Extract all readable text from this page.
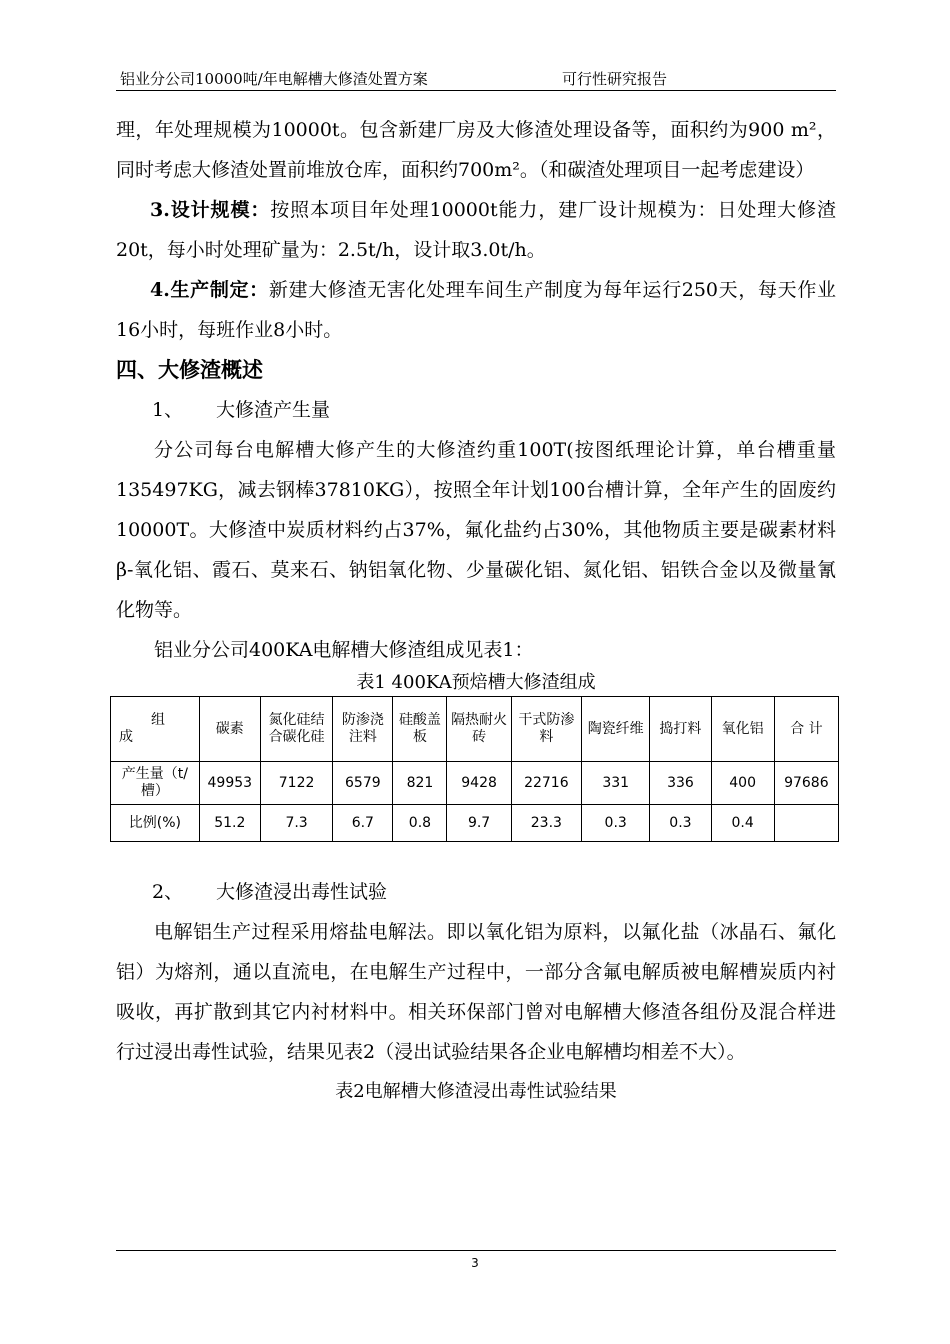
铝业分公司10000吨/年电解槽大修渣处置方案	可行性研究报告

理，年处理规模为10000t。包含新建厂房及大修渣处理设备等，面积约为900 m²，同时考虑大修渣处置前堆放仓库，面积约700m²。（和碳渣处理项目一起考虑建设）

3.设计规模：按照本项目年处理10000t能力，建厂设计规模为：日处理大修渣20t，每小时处理矿量为：2.5t/h，设计取3.0t/h。

4.生产制定：新建大修渣无害化处理车间生产制度为每年运行250天，每天作业16小时，每班作业8小时。

四、大修渣概述

1、 大修渣产生量

分公司每台电解槽大修产生的大修渣约重100T(按图纸理论计算，单台槽重量135497KG，减去钢棒37810KG），按照全年计划100台槽计算，全年产生的固废约10000T。大修渣中炭质材料约占37%，氟化盐约占30%，其他物质主要是碳素材料β-氧化铝、霞石、莫来石、钠铝氧化物、少量碳化铝、氮化铝、铝铁合金以及微量氰化物等。

铝业分公司400KA电解槽大修渣组成见表1：

表1 400KA预焙槽大修渣组成

组
成	碳素	氮化硅结合碳化硅	防渗浇注料	硅酸盖板	隔热耐火砖	干式防渗料	陶瓷纤维	捣打料	氧化铝	合 计
产生量（t/槽）	49953	7122	6579	821	9428	22716	331	336	400	97686
比例(%)	51.2	7.3	6.7	0.8	9.7	23.3	0.3	0.3	0.4	

2、 大修渣浸出毒性试验

电解铝生产过程采用熔盐电解法。即以氧化铝为原料，以氟化盐（冰晶石、氟化铝）为熔剂，通以直流电，在电解生产过程中，一部分含氟电解质被电解槽炭质内衬吸收，再扩散到其它内衬材料中。相关环保部门曾对电解槽大修渣各组份及混合样进行过浸出毒性试验，结果见表2（浸出试验结果各企业电解槽均相差不大）。

表2电解槽大修渣浸出毒性试验结果

3
